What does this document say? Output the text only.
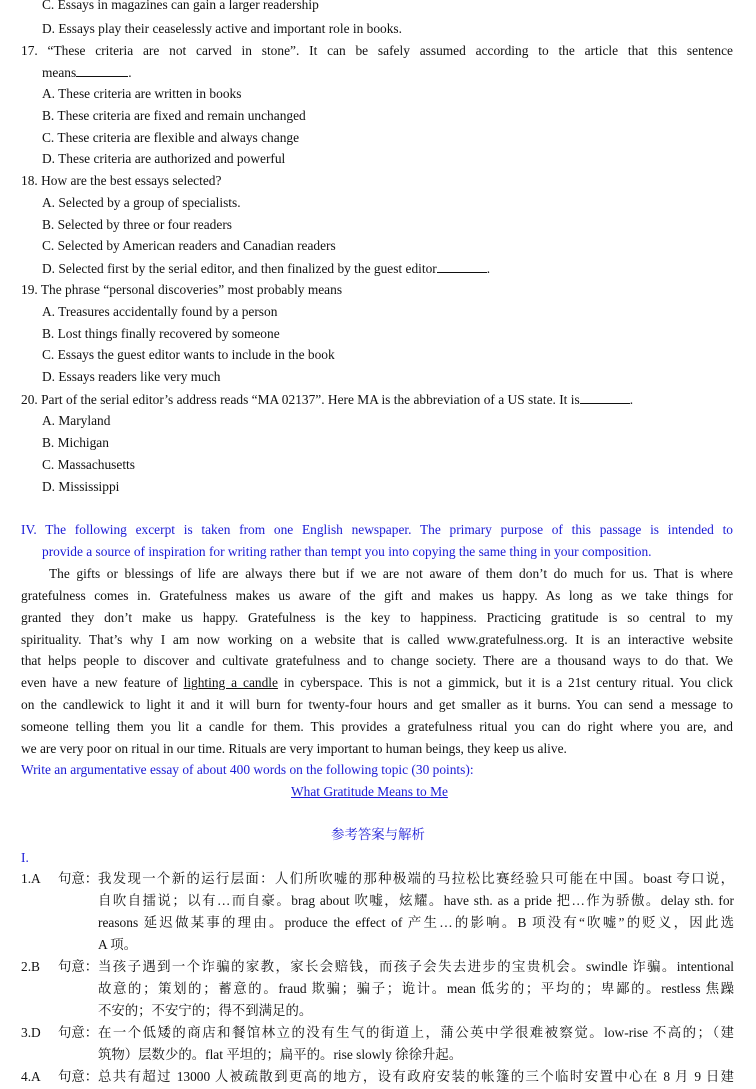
C. Essays in magazines can gain a larger readership
D. Essays play their ceaselessly active and important role in books.
17. “These criteria are not carved in stone”. It can be safely assumed according to the article that this sentence
means	.
A. These criteria are written in books
B. These criteria are fixed and remain unchanged
C. These criteria are flexible and always change
D. These criteria are authorized and powerful
18. How are the best essays selected?
A. Selected by a group of specialists.
B. Selected by three or four readers
C. Selected by American readers and Canadian readers
D. Selected first by the serial editor, and then finalized by the guest editor	.
19. The phrase “personal discoveries” most probably means
A. Treasures accidentally found by a person
B. Lost things finally recovered by someone
C. Essays the guest editor wants to include in the book
D. Essays readers like very much
20. Part of the serial editor’s address reads “MA 02137”. Here MA is the abbreviation of a US state. It is	.
A. Maryland
B. Michigan
C. Massachusetts
D. Mississippi
IV. The following excerpt is taken from one English newspaper. The primary purpose of this passage is intended to
provide a source of inspiration for writing rather than tempt you into copying the same thing in your composition.
The gifts or blessings of life are always there but if we are not aware of them don’t do much for us. That is where
gratefulness comes in. Gratefulness makes us aware of the gift and makes us happy. As long as we take things for
granted they don’t make us happy. Gratefulness is the key to happiness. Practicing gratitude is so central to my
spirituality. That’s why I am now working on a website that is called www.gratefulness.org. It is an interactive website
that helps people to discover and cultivate gratefulness and to change society. There are a thousand ways to do that. We
even have a new feature of lighting a candle in cyberspace. This is not a gimmick, but it is a 21st century ritual. You click
on the candlewick to light it and it will burn for twenty-four hours and get smaller as it burns. You can send a message to
someone telling them you lit a candle for them. This provides a gratefulness ritual you can do right where you are, and
we are very poor on ritual in our time. Rituals are very important to human beings, they keep us alive.
Write an argumentative essay of about 400 words on the following topic (30 points):
What Gratitude Means to Me
参考答案与解析
I.
1.A 句意： 我发现一个新的运行层面：人们所吹嘘的那种极端的马拉松比赛经验只可能在中国。boast 夸口说，
自吹自擂说；以有…而自豪。brag about 吹嘘，炫耀。have sth. as a pride 把…作为骄傲。delay sth. for
reasons 延迟做某事的理由。produce the effect of 产生…的影响。B 项没有“吹嘘”的贬义，因此选
A 项。
2.B 句意： 当孩子遇到一个诈骗的家教，家长会赔钱，而孩子会失去进步的宝贵机会。swindle 诈骗。intentional
故意的；策划的；蓄意的。fraud 欺骗；骗子；诡计。mean 低劣的；平均的；卑鄙的。restless 焦躁
不安的；不安宁的；得不到满足的。
3.D 句意： 在一个低矮的商店和餐馆林立的没有生气的街道上，蒲公英中学很难被察觉。low-rise 不高的；（建
筑物）层数少的。flat 平坦的；扁平的。rise slowly 徐徐升起。
4.A 句意： 总共有超过 13000 人被疏散到更高的地方，设有政府安装的帐篷的三个临时安置中心在 8 月 9 日建
